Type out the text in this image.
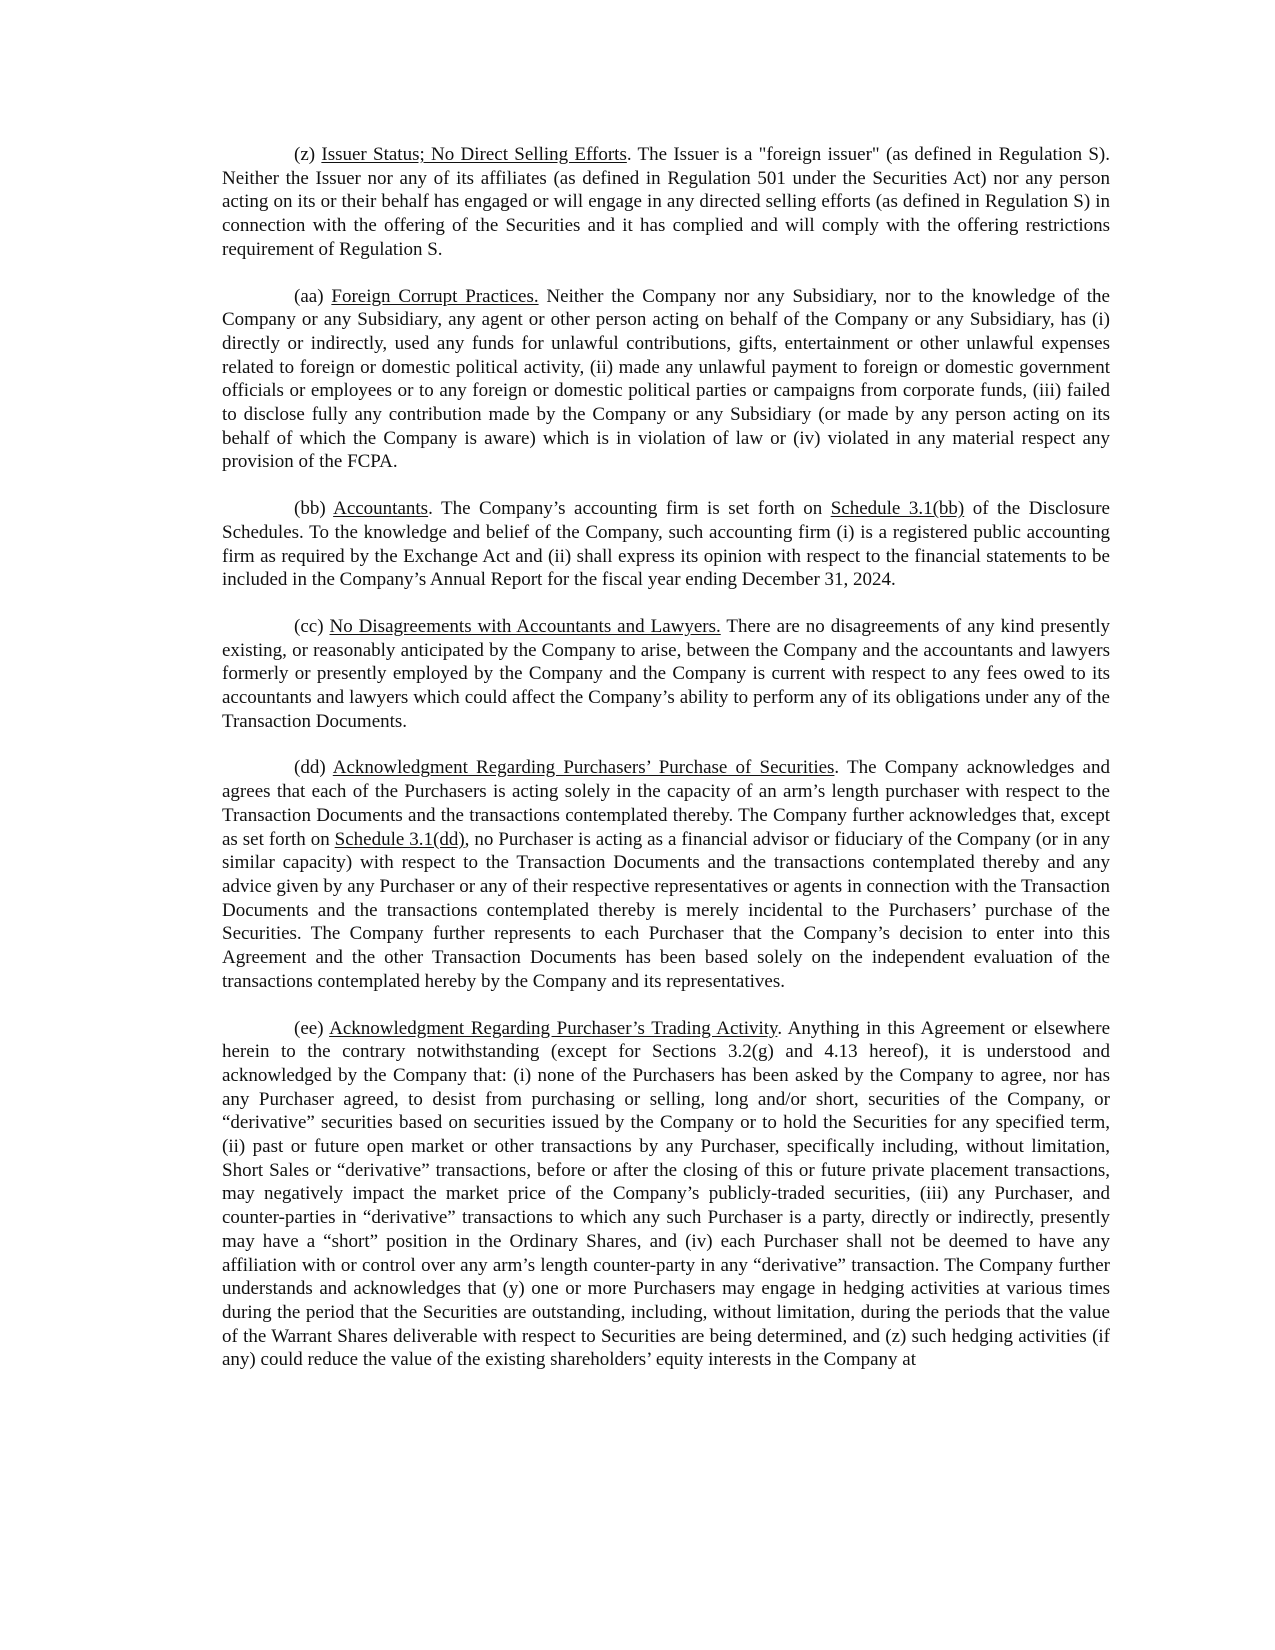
(z) Issuer Status; No Direct Selling Efforts. The Issuer is a "foreign issuer" (as defined in Regulation S). Neither the Issuer nor any of its affiliates (as defined in Regulation 501 under the Securities Act) nor any person acting on its or their behalf has engaged or will engage in any directed selling efforts (as defined in Regulation S) in connection with the offering of the Securities and it has complied and will comply with the offering restrictions requirement of Regulation S.

(aa) Foreign Corrupt Practices. Neither the Company nor any Subsidiary, nor to the knowledge of the Company or any Subsidiary, any agent or other person acting on behalf of the Company or any Subsidiary, has (i) directly or indirectly, used any funds for unlawful contributions, gifts, entertainment or other unlawful expenses related to foreign or domestic political activity, (ii) made any unlawful payment to foreign or domestic government officials or employees or to any foreign or domestic political parties or campaigns from corporate funds, (iii) failed to disclose fully any contribution made by the Company or any Subsidiary (or made by any person acting on its behalf of which the Company is aware) which is in violation of law or (iv) violated in any material respect any provision of the FCPA.

(bb) Accountants. The Company’s accounting firm is set forth on Schedule 3.1(bb) of the Disclosure Schedules. To the knowledge and belief of the Company, such accounting firm (i) is a registered public accounting firm as required by the Exchange Act and (ii) shall express its opinion with respect to the financial statements to be included in the Company’s Annual Report for the fiscal year ending December 31, 2024.

(cc) No Disagreements with Accountants and Lawyers. There are no disagreements of any kind presently existing, or reasonably anticipated by the Company to arise, between the Company and the accountants and lawyers formerly or presently employed by the Company and the Company is current with respect to any fees owed to its accountants and lawyers which could affect the Company’s ability to perform any of its obligations under any of the Transaction Documents.

(dd) Acknowledgment Regarding Purchasers’ Purchase of Securities. The Company acknowledges and agrees that each of the Purchasers is acting solely in the capacity of an arm’s length purchaser with respect to the Transaction Documents and the transactions contemplated thereby. The Company further acknowledges that, except as set forth on Schedule 3.1(dd), no Purchaser is acting as a financial advisor or fiduciary of the Company (or in any similar capacity) with respect to the Transaction Documents and the transactions contemplated thereby and any advice given by any Purchaser or any of their respective representatives or agents in connection with the Transaction Documents and the transactions contemplated thereby is merely incidental to the Purchasers’ purchase of the Securities. The Company further represents to each Purchaser that the Company’s decision to enter into this Agreement and the other Transaction Documents has been based solely on the independent evaluation of the transactions contemplated hereby by the Company and its representatives.

(ee) Acknowledgment Regarding Purchaser’s Trading Activity. Anything in this Agreement or elsewhere herein to the contrary notwithstanding (except for Sections 3.2(g) and 4.13 hereof), it is understood and acknowledged by the Company that: (i) none of the Purchasers has been asked by the Company to agree, nor has any Purchaser agreed, to desist from purchasing or selling, long and/or short, securities of the Company, or “derivative” securities based on securities issued by the Company or to hold the Securities for any specified term, (ii) past or future open market or other transactions by any Purchaser, specifically including, without limitation, Short Sales or “derivative” transactions, before or after the closing of this or future private placement transactions, may negatively impact the market price of the Company’s publicly-traded securities, (iii) any Purchaser, and counter-parties in “derivative” transactions to which any such Purchaser is a party, directly or indirectly, presently may have a “short” position in the Ordinary Shares, and (iv) each Purchaser shall not be deemed to have any affiliation with or control over any arm’s length counter-party in any “derivative” transaction. The Company further understands and acknowledges that (y) one or more Purchasers may engage in hedging activities at various times during the period that the Securities are outstanding, including, without limitation, during the periods that the value of the Warrant Shares deliverable with respect to Securities are being determined, and (z) such hedging activities (if any) could reduce the value of the existing shareholders’ equity interests in the Company at
